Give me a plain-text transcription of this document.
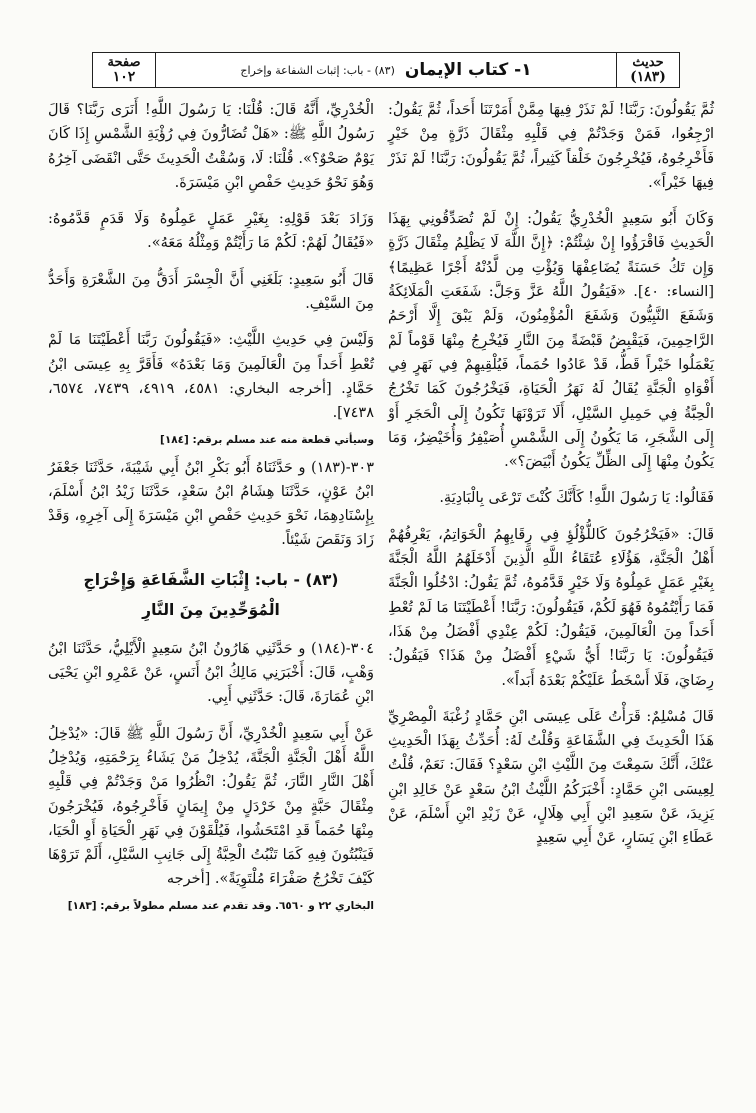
حديث
(١٨٣)
١- كتاب الإيمان
(٨٣) - باب: إثبات الشفاعة وإخراج
صفحة
١٠٢

ثُمَّ يَقُولُونَ: رَبَّنَا! لَمْ نَذَرْ فِيهَا مِمَّنْ أَمَرْتَنَا أَحَداً، ثُمَّ يَقُولُ: ارْجِعُوا، فَمَنْ وَجَدْتُمْ فِي قَلْبِهِ مِثْقَالَ ذَرَّةٍ مِنْ خَيْرٍ فَأَخْرِجُوهُ، فَيُخْرِجُونَ خَلْقاً كَثِيراً، ثُمَّ يَقُولُونَ: رَبَّنَا! لَمْ نَذَرْ فِيهَا خَيْراً».

وَكَانَ أَبُو سَعِيدٍ الْخُدْرِيُّ يَقُولُ: إِنْ لَمْ تُصَدِّقُونِي بِهَذَا الْحَدِيثِ فَاقْرَؤُوا إِنْ شِئْتُمْ: ﴿إِنَّ اللَّهَ لَا يَظْلِمُ مِثْقَالَ ذَرَّةٍ وَإِن تَكُ حَسَنَةً يُضَاعِفْهَا وَيُؤْتِ مِن لَّدُنْهُ أَجْرًا عَظِيمًا﴾ [النساء: ٤٠]. «فَيَقُولُ اللَّهُ عَزَّ وَجَلَّ: شَفَعَتِ الْمَلَائِكَةُ وَشَفَعَ النَّبِيُّونَ وَشَفَعَ الْمُؤْمِنُونَ، وَلَمْ يَبْقَ إِلَّا أَرْحَمُ الرَّاحِمِينَ، فَيَقْبِضُ قَبْضَةً مِنَ النَّارِ فَيُخْرِجُ مِنْهَا قَوْماً لَمْ يَعْمَلُوا خَيْراً قَطُّ، قَدْ عَادُوا حُمَماً، فَيُلْقِيهِمْ فِي نَهَرٍ فِي أَفْوَاهِ الْجَنَّةِ يُقَالُ لَهُ نَهَرُ الْحَيَاةِ، فَيَخْرُجُونَ كَمَا تَخْرُجُ الْحِبَّةُ فِي حَمِيلِ السَّيْلِ، أَلَا تَرَوْنَهَا تَكُونُ إِلَى الْحَجَرِ أَوْ إِلَى الشَّجَرِ، مَا يَكُونُ إِلَى الشَّمْسِ أُصَيْفِرُ وَأُخَيْضِرُ، وَمَا يَكُونُ مِنْهَا إِلَى الظِّلِّ يَكُونُ أَبْيَضَ؟».

فَقَالُوا: يَا رَسُولَ اللَّهِ! كَأَنَّكَ كُنْتَ تَرْعَى بِالْبَادِيَةِ.

قَالَ: «فَيَخْرُجُونَ كَاللُّؤْلُؤِ فِي رِقَابِهِمُ الْخَوَاتِمُ، يَعْرِفُهُمْ أَهْلُ الْجَنَّةِ، هَؤُلَاءِ عُتَقَاءُ اللَّهِ الَّذِينَ أَدْخَلَهُمُ اللَّهُ الْجَنَّةَ بِغَيْرِ عَمَلٍ عَمِلُوهُ وَلَا خَيْرٍ قَدَّمُوهُ، ثُمَّ يَقُولُ: ادْخُلُوا الْجَنَّةَ فَمَا رَأَيْتُمُوهُ فَهُوَ لَكُمْ، فَيَقُولُونَ: رَبَّنَا! أَعْطَيْتَنَا مَا لَمْ تُعْطِ أَحَداً مِنَ الْعَالَمِينَ، فَيَقُولُ: لَكُمْ عِنْدِي أَفْضَلُ مِنْ هَذَا، فَيَقُولُونَ: يَا رَبَّنَا! أَيُّ شَيْءٍ أَفْضَلُ مِنْ هَذَا؟ فَيَقُولُ: رِضَايَ، فَلَا أَسْخَطُ عَلَيْكُمْ بَعْدَهُ أَبَداً».

قَالَ مُسْلِمٌ: قَرَأْتُ عَلَى عِيسَى ابْنِ حَمَّادٍ زُغْبَةَ الْمِصْرِيِّ هَذَا الْحَدِيثَ فِي الشَّفَاعَةِ وَقُلْتُ لَهُ: أُحَدِّثُ بِهَذَا الْحَدِيثِ عَنْكَ، أَنَّكَ سَمِعْتَ مِنَ اللَّيْثِ ابْنِ سَعْدٍ؟ فَقَالَ: نَعَمْ، قُلْتُ لِعِيسَى ابْنِ حَمَّادٍ: أَخْبَرَكُمُ اللَّيْثُ ابْنُ سَعْدٍ عَنْ خَالِدِ ابْنِ يَزِيدَ، عَنْ سَعِيدِ ابْنِ أَبِي هِلَالٍ، عَنْ زَيْدِ ابْنِ أَسْلَمَ، عَنْ عَطَاءِ ابْنِ يَسَارٍ، عَنْ أَبِي سَعِيدٍ

الْخُدْرِيِّ، أَنَّهُ قَالَ: قُلْنَا: يَا رَسُولَ اللَّهِ! أَنَرَى رَبَّنَا؟ قَالَ رَسُولُ اللَّهِ ﷺ: «هَلْ تُضَارُّونَ فِي رُؤْيَةِ الشَّمْسِ إِذَا كَانَ يَوْمٌ صَحْوٌ؟». قُلْنَا: لَا، وَسُقْتُ الْحَدِيثَ حَتَّى انْقَضَى آخِرُهُ وَهُوَ نَحْوُ حَدِيثِ حَفْصِ ابْنِ مَيْسَرَةَ.

وَزَادَ بَعْدَ قَوْلِهِ: بِغَيْرِ عَمَلٍ عَمِلُوهُ وَلَا قَدَمٍ قَدَّمُوهُ: «فَيُقَالُ لَهُمْ: لَكُمْ مَا رَأَيْتُمْ وَمِثْلُهُ مَعَهُ».

قَالَ أَبُو سَعِيدٍ: بَلَغَنِي أَنَّ الْجِسْرَ أَدَقُّ مِنَ الشَّعْرَةِ وَأَحَدُّ مِنَ السَّيْفِ.

وَلَيْسَ فِي حَدِيثِ اللَّيْثِ: «فَيَقُولُونَ رَبَّنَا أَعْطَيْتَنَا مَا لَمْ تُعْطِ أَحَداً مِنَ الْعَالَمِينَ وَمَا بَعْدَهُ» فَأَقَرَّ بِهِ عِيسَى ابْنُ حَمَّادٍ. [أخرجه البخاري: ٤٥٨١، ٤٩١٩، ٧٤٣٩، ٦٥٧٤، ٧٤٣٨].

وسيأتي قطعة منه عند مسلم برقم: [١٨٤]

٣٠٣-(١٨٣) و حَدَّثَنَاهُ أَبُو بَكْرِ ابْنُ أَبِي شَيْبَةَ، حَدَّثَنَا جَعْفَرُ ابْنُ عَوْنٍ، حَدَّثَنَا هِشَامُ ابْنُ سَعْدٍ، حَدَّثَنَا زَيْدُ ابْنُ أَسْلَمَ، بِإِسْنَادِهِمَا، نَحْوَ حَدِيثِ حَفْصِ ابْنِ مَيْسَرَةَ إِلَى آخِرِهِ، وَقَدْ زَادَ وَنَقَصَ شَيْئاً.

(٨٣) - باب: إِثْبَاتِ الشَّفَاعَةِ وَإِخْرَاجِ الْمُوَحِّدِينَ مِنَ النَّارِ

٣٠٤-(١٨٤) و حَدَّثَنِي هَارُونُ ابْنُ سَعِيدٍ الْأَيْلِيُّ، حَدَّثَنَا ابْنُ وَهْبٍ، قَالَ: أَخْبَرَنِي مَالِكُ ابْنُ أَنَسٍ، عَنْ عَمْرِو ابْنِ يَحْيَى ابْنِ عُمَارَةَ، قَالَ: حَدَّثَنِي أَبِي.

عَنْ أَبِي سَعِيدٍ الْخُدْرِيِّ، أَنَّ رَسُولَ اللَّهِ ﷺ قَالَ: «يُدْخِلُ اللَّهُ أَهْلَ الْجَنَّةِ الْجَنَّةَ، يُدْخِلُ مَنْ يَشَاءُ بِرَحْمَتِهِ، وَيُدْخِلُ أَهْلَ النَّارِ النَّارَ، ثُمَّ يَقُولُ: انْظُرُوا مَنْ وَجَدْتُمْ فِي قَلْبِهِ مِثْقَالَ حَبَّةٍ مِنْ خَرْدَلٍ مِنْ إِيمَانٍ فَأَخْرِجُوهُ، فَيُخْرَجُونَ مِنْهَا حُمَماً قَدِ امْتَحَشُوا، فَيُلْقَوْنَ فِي نَهَرِ الْحَيَاةِ أَوِ الْحَيَا، فَيَنْبُتُونَ فِيهِ كَمَا تَنْبُتُ الْحِبَّةُ إِلَى جَانِبِ السَّيْلِ، أَلَمْ تَرَوْهَا كَيْفَ تَخْرُجُ صَفْرَاءَ مُلْتَوِيَةً». [أخرجه

البخاري ٢٢ و ٦٥٦٠. وقد تقدم عند مسلم مطولاً برقم: [١٨٣]
